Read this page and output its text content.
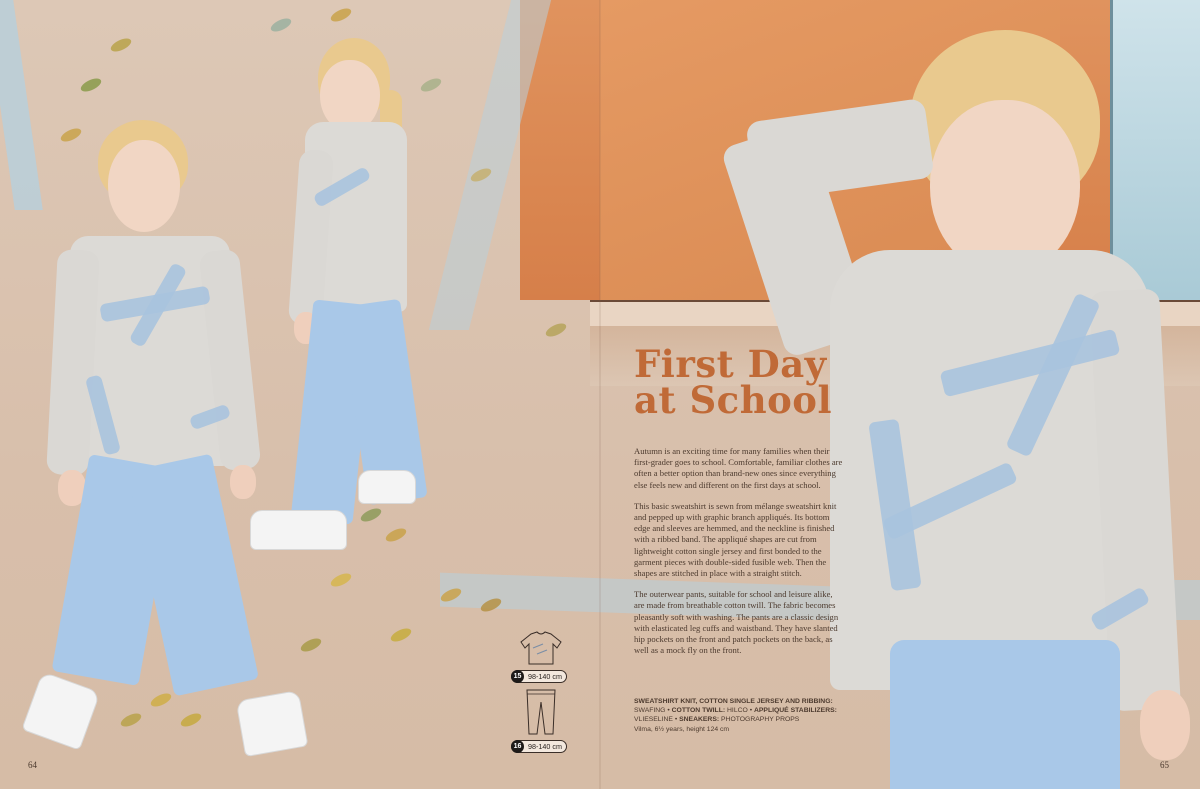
First Day
at School

Autumn is an exciting time for many families when their first-grader goes to school. Comfortable, familiar clothes are often a better option than brand-new ones since everything else feels new and different on the first days at school.

This basic sweatshirt is sewn from mélange sweatshirt knit and pepped up with graphic branch appliqués. Its bottom edge and sleeves are hemmed, and the neckline is finished with a ribbed band. The appliqué shapes are cut from lightweight cotton single jersey and first bonded to the garment pieces with double-sided fusible web. Then the shapes are stitched in place with a straight stitch.

The outerwear pants, suitable for school and leisure alike, are made from breathable cotton twill. The fabric becomes pleasantly soft with washing. The pants are a classic design with elasticated leg cuffs and waistband. They have slanted hip pockets on the front and patch pockets on the back, as well as a mock fly on the front.

SWEATSHIRT KNIT, COTTON SINGLE JERSEY AND RIBBING:
SWAFING • COTTON TWILL: HILCO • APPLIQUÉ STABILIZERS:
VLIESELINE • SNEAKERS: PHOTOGRAPHY PROPS
Vilma, 6½ years, height 124 cm
15 98-140 cm
16 98-140 cm
64	65
